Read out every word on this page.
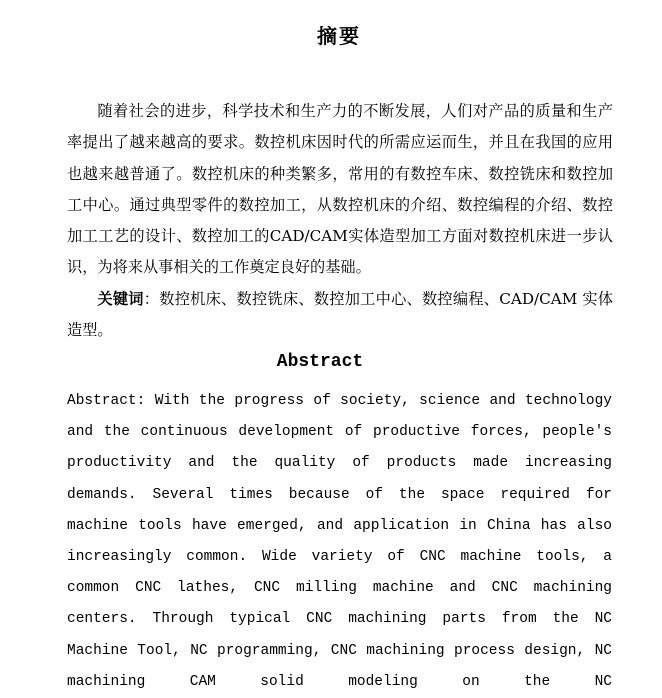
摘要

随着社会的进步，科学技术和生产力的不断发展，人们对产品的质量和生产率提出了越来越高的要求。数控机床因时代的所需应运而生，并且在我国的应用也越来越普通了。数控机床的种类繁多，常用的有数控车床、数控铣床和数控加工中心。通过典型零件的数控加工，从数控机床的介绍、数控编程的介绍、数控加工工艺的设计、数控加工的CAD/CAM实体造型加工方面对数控机床进一步认识，为将来从事相关的工作奠定良好的基础。

关键词：数控机床、数控铣床、数控加工中心、数控编程、CAD/CAM 实体造型。

Abstract

Abstract: With the progress of society, science and technology and the continuous development of productive forces, people's productivity and the quality of products made increasing demands. Several times because of the space required for machine tools have emerged, and application in China has also increasingly common. Wide variety of CNC machine tools, a common CNC lathes, CNC milling machine and CNC machining centers. Through typical CNC machining parts from the NC Machine Tool, NC programming, CNC machining process design, NC machining CAM solid modeling on the NC
